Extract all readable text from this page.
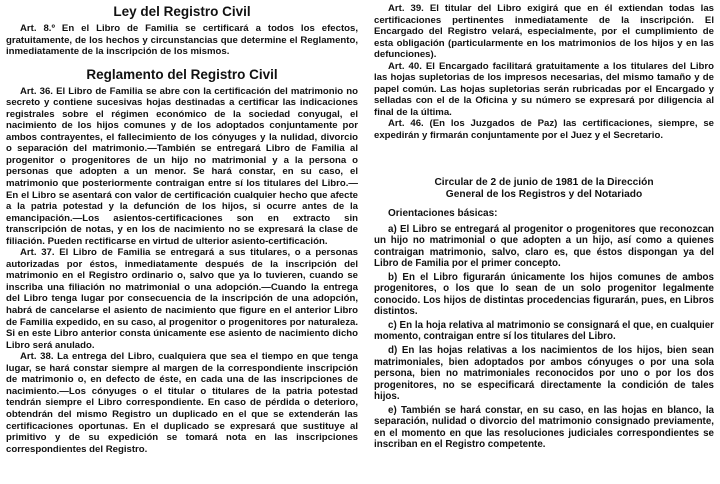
Ley del Registro Civil

Art. 8.º En el Libro de Familia se certificará a todos los efectos, gratuitamente, de los hechos y circunstancias que determine el Reglamento, inmediatamente de la inscripción de los mismos.

Reglamento del Registro Civil

Art. 36. El Libro de Familia se abre con la certificación del matrimonio no secreto y contiene sucesivas hojas destinadas a certificar las indicaciones registrales sobre el régimen económico de la sociedad conyugal, el nacimiento de los hijos comunes y de los adoptados conjuntamente por ambos contrayentes, el fallecimiento de los cónyuges y la nulidad, divorcio o separación del matrimonio.—También se entregará Libro de Familia al progenitor o progenitores de un hijo no matrimonial y a la persona o personas que adopten a un menor. Se hará constar, en su caso, el matrimonio que posteriormente contraigan entre sí los titulares del Libro.—En el Libro se asentará con valor de certificación cualquier hecho que afecte a la patria potestad y la defunción de los hijos, si ocurre antes de la emancipación.—Los asientos-certificaciones son en extracto sin transcripción de notas, y en los de nacimiento no se expresará la clase de filiación. Pueden rectificarse en virtud de ulterior asiento-certificación.

Art. 37. El Libro de Familia se entregará a sus titulares, o a personas autorizadas por éstos, inmediatamente después de la inscripción del matrimonio en el Registro ordinario o, salvo que ya lo tuvieren, cuando se inscriba una filiación no matrimonial o una adopción.—Cuando la entrega del Libro tenga lugar por consecuencia de la inscripción de una adopción, habrá de cancelarse el asiento de nacimiento que figure en el anterior Libro de Familia expedido, en su caso, al progenitor o progenitores por naturaleza. Si en este Libro anterior consta únicamente ese asiento de nacimiento dicho Libro será anulado.

Art. 38. La entrega del Libro, cualquiera que sea el tiempo en que tenga lugar, se hará constar siempre al margen de la correspondiente inscripción de matrimonio o, en defecto de éste, en cada una de las inscripciones de nacimiento.—Los cónyuges o el titular o titulares de la patria potestad tendrán siempre el Libro correspondiente. En caso de pérdida o deterioro, obtendrán del mismo Registro un duplicado en el que se extenderán las certificaciones oportunas. En el duplicado se expresará que sustituye al primitivo y de su expedición se tomará nota en las inscripciones correspondientes del Registro.

Art. 39. El titular del Libro exigirá que en él extiendan todas las certificaciones pertinentes inmediatamente de la inscripción. El Encargado del Registro velará, especialmente, por el cumplimiento de esta obligación (particularmente en los matrimonios de los hijos y en las defunciones).

Art. 40. El Encargado facilitará gratuitamente a los titulares del Libro las hojas supletorias de los impresos necesarias, del mismo tamaño y de papel común. Las hojas supletorias serán rubricadas por el Encargado y selladas con el de la Oficina y su número se expresará por diligencia al final de la última.

Art. 46. (En los Juzgados de Paz) las certificaciones, siempre, se expedirán y firmarán conjuntamente por el Juez y el Secretario.

Circular de 2 de junio de 1981 de la Dirección
General de los Registros y del Notariado

Orientaciones básicas:

a) El Libro se entregará al progenitor o progenitores que reconozcan un hijo no matrimonial o que adopten a un hijo, así como a quienes contraigan matrimonio, salvo, claro es, que éstos dispongan ya del Libro de Familia por el primer concepto.

b) En el Libro figurarán únicamente los hijos comunes de ambos progenitores, o los que lo sean de un solo progenitor legalmente conocido. Los hijos de distintas procedencias figurarán, pues, en Libros distintos.

c) En la hoja relativa al matrimonio se consignará el que, en cualquier momento, contraigan entre sí los titulares del Libro.

d) En las hojas relativas a los nacimientos de los hijos, bien sean matrimoniales, bien adoptados por ambos cónyuges o por una sola persona, bien no matrimoniales reconocidos por uno o por los dos progenitores, no se especificará directamente la condición de tales hijos.

e) También se hará constar, en su caso, en las hojas en blanco, la separación, nulidad o divorcio del matrimonio consignado previamente, en el momento en que las resoluciones judiciales correspondientes se inscriban en el Registro competente.
